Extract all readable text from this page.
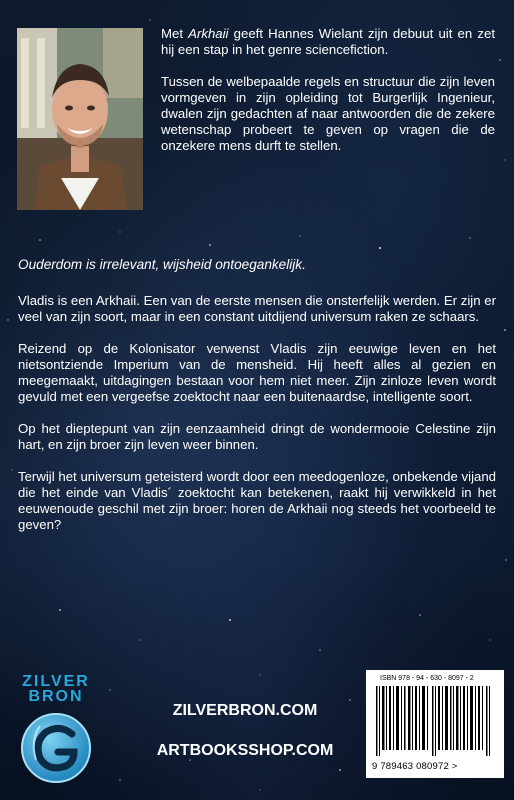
Met Arkhaii geeft Hannes Wielant zijn debuut uit en zet hij een stap in het genre sciencefiction.

Tussen de welbepaalde regels en structuur die zijn leven vormgeven in zijn opleiding tot Burgerlijk Ingenieur, dwalen zijn gedachten af naar antwoorden die de zekere wetenschap probeert te geven op vragen die de onzekere mens durft te stellen.

Ouderdom is irrelevant, wijsheid ontoegankelijk.

Vladis is een Arkhaii. Een van de eerste mensen die onsterfelijk werden. Er zijn er veel van zijn soort, maar in een constant uitdijend universum raken ze schaars.

Reizend op de Kolonisator verwenst Vladis zijn eeuwige leven en het nietsontziende Imperium van de mensheid. Hij heeft alles al gezien en meegemaakt, uitdagingen bestaan voor hem niet meer. Zijn zinloze leven wordt gevuld met een vergeefse zoektocht naar een buitenaardse, intelligente soort.

Op het dieptepunt van zijn eenzaamheid dringt de wondermooie Celestine zijn hart, en zijn broer zijn leven weer binnen.

Terwijl het universum geteisterd wordt door een meedogenloze, onbekende vijand die het einde van Vladis´ zoektocht kan betekenen, raakt hij verwikkeld in het eeuwenoude geschil met zijn broer: horen de Arkhaii nog steeds het voorbeeld te geven?

ZILVER
BRON
ZILVERBRON.COM
ARTBOOKSSHOP.COM
ISBN 978 - 94 - 630 - 8097 - 2
9 789463 080972 >
